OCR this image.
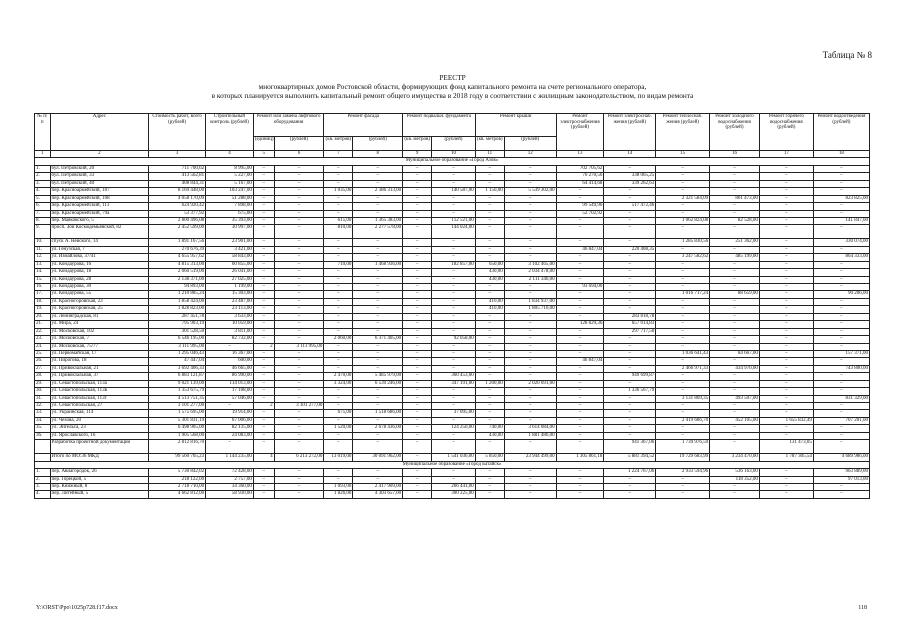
Таблица № 8
РЕЕСТР
многоквартирных домов Ростовской области, формирующих фонд капитального ремонта на счете регионального оператора,
в которых планируется выполнить капитальный ремонт общего имущества в 2018 году в соответствии с жилищным законодательством, по видам ремонта
№ п/п	Адрес	Стоимость работ, всего (рублей)	Строительный контроль (рублей)	Ремонт или замена лифтового оборудования		Ремонт фасада		Ремонт подвальн. фундамента		Ремонт крыши		Ремонт электроснабжения (рублей)	Ремонт электроснаб. жения (рублей)	Ремонт теплоснаб. жения (рублей)	Ремонт холодного водоснабжения (рублей)	Ремонт горячего водоснабжения (рублей)	Ремонт водоотведения (рублей)
				(единиц)	(рублей)	(кв. метров)	(рублей)	(кв. метров)	(рублей)	(кв. метров)	(рублей)						
1	2	3	4	5	6	7	8	9	10	11	12	13	14	15	16	17	18
Муниципальное образование «Город Азов»																	
1.	бул. Петровский, 20	711 700,62	8 995,00	–	–	–	–	–	–	–	–	702 705,62	–	–	–	–	–
2.	бул. Петровский, 33	413 562,81	5 227,00	–	–	–	–	–	–	–	–	70 270,56	338 065,25	–	–	–	–
3.	бул. Петровский, 40	408 844,31	5 167,00	–	–	–	–	–	–	–	–	64 414,68	339 262,63	–	–	–	–
4.	пер. Красноармейский, 107	8 169 448,00	103 247,00	–	–	1 035,00	2 386 313,00	–	140 587,00	1 150,00	5 539 302,00	–	–	–	–	–	–
5.	пер. Красноармейский, 108	4 058 170,09	51 288,00	–	–	–	–	–	–	–	–	–	–	2 321 584,09	861 473,00	–	823 825,00
6.	пер. Красноармейский, 113	624 920,42	7 898,00	–	–	–	–	–	–	–	–	99 549,96	517 472,46	–	–	–	–
7.	пер. Красноармейский, 79а	53 377,92	675,00	–	–	–	–	–	–	–	–	52 702,92	–	–	–	–	–
8.	пер. Маяковского, 5	2 800 496,08	35 393,00	–	–	615,00	1 365 383,00	–	112 521,00	–	–	–	–	1 062 824,08	82 528,00	–	141 847,00
9.	просп. Зои Космодемьянской, 82	2 452 599,00	30 997,00	–	–	810,00	2 277 578,00	–	144 024,00	–	–	–	–	–	–	–	–
10.	спуск А. Невского, 14	1 891 167,56	23 901,00	–	–	–	–	–	–	–	–	–	–	1 285 830,56	251 362,00	–	330 074,00
11.	ул. Генузская, 7	270 676,39	3 421,00	–	–	–	–	–	–	–	–	46 847,04	220 408,35	–	–	–	–
12.	ул. Измайлова, 37/41	4 655 957,62	58 843,00	–	–	–	–	–	–	–	–	–	–	3 247 582,62	485 199,00	–	864 333,00
13.	ул. Кондаурова, 16	4 815 313,00	60 855,00	–	–	710,00	1 468 936,00	–	182 857,00	650,00	3 102 465,00	–	–	–	–	–	–
14.	ул. Кондаурова, 18	2 060 519,00	26 041,00	–	–	–	–	–	–	430,00	2 034 478,00	–	–	–	–	–	–
15.	ул. Кондаурова, 28	2 138 371,00	27 025,00	–	–	–	–	–	–	430,00	2 111 346,00	–	–	–	–	–	–
16.	ул. Кондаурова, 30	94 893,00	1 199,00	–	–	–	–	–	–	–	–	93 694,00	–	–	–	–	–
17.	ул. Кондаурова, 55	1 210 885,24	15 303,00	–	–	–	–	–	–	–	–	–	–	1 016 717,24	88 659,00	–	90 206,00
18.	ул. Красногоровская, 23	1 858 424,00	23 487,00	–	–	–	–	–	–	410,00	1 834 937,00	–	–	–	–	–	–
19.	ул. Красногоровская, 25	1 828 823,00	23 113,00	–	–	–	–	–	–	410,00	1 805 710,00	–	–	–	–	–	–
20.	ул. Ленинградская, 81	287 451,78	3 633,00	–	–	–	–	–	–	–	–	–	283 818,78	–	–	–	–
21.	ул. Мира, 24	795 903,19	10 059,00	–	–	–	–	–	–	–	–	128 829,36	657 014,83	–	–	–	–
22.	ул. Московская, 102	301 528,50	3 811,00	–	–	–	–	–	–	–	–	–	297 717,50	–	–	–	–
23.	ул. Московская, 7	6 546 195,00	82 732,00	–	–	2 060,00	6 371 405,00	–	92 058,00	–	–	–	–	–	–	–	–
24.	ул. Московская, 75/77	3 111 995,00	–	2	3 111 995,00	–	–	–	–	–	–	–	–	–	–	–	–
25.	ул. Первомайская, 17	1 295 046,43	16 367,00	–	–	–	–	–	–	–	–	–	–	1 036 641,43	84 667,00	–	157 371,00
26.	ул. Пирогова, 18	47 447,04	600,00	–	–	–	–	–	–	–	–	46 847,04	–	–	–	–	–
27.	ул. Привокзальная, 21	3 692 406,33	46 665,00	–	–	–	–	–	–	–	–	–	–	2 466 971,33	434 970,00	–	743 800,00
28.	ул. Привокзальная, 37	6 883 121,87	86 990,00	–	–	2 470,00	5 485 979,00	–	360 453,00	–	–	–	949 699,87	–	–	–	–
29.	ул. Севастопольская, 113а	9 021 139,00	114 013,00	–	–	3 324,00	6 539 246,00	–	347 191,00	1 200,00	2 020 691,00	–	–	–	–	–	–
30.	ул. Севастопольская, 113в	1 353 675,79	17 108,00	–	–	–	–	–	–	–	–	–	1 336 567,79	–	–	–	–
31.	ул. Севастопольская, 113г	4 513 751,35	57 046,00	–	–	–	–	–	–	–	–	–	–	3 131 869,35	493 507,00	–	831 329,00
32.	ул. Севастопольская, 27	3 101 277,00	–	2	3 101 277,00	–	–	–	–	–	–	–	–	–	–	–	–
33.	ул. Украинская, 114	1 575 695,00	19 914,00	–	–	675,00	1 518 686,00	–	37 095,00	–	–	–	–	–	–	–	–
34.	ул. Чехова, 20	5 301 831,19	67 006,00	–	–	–	–	–	–	–	–	–	–	2 419 686,70	452 105,00	1 655 832,49	707 201,00
35.	ул. Энгельса, 23	6 498 905,00	82 135,00	–	–	1 520,00	2 678 436,00	–	124 250,00	740,00	3 614 084,00	–	–	–	–	–	–
36.	ул. Ярославского, 16	1 905 568,00	24 083,00	–	–	–	–	–	–	430,00	1 881 486,00	–	–	–	–	–	–
	Разработка проектной документации	2 812 816,70	–	–	–	–	–	–	–	–	–	–	941 367,06	1 739 976,59	–	131 473,05	–
	Итого по МО:36 МКД	99 560 705,23	1 144 235,00	4	6 213 272,00	13 019,00	30 091 962,00	–	1 541 036,00	5 850,00	23 944 499,00	1 305 861,18	5 881 394,52	19 729 683,99	3 234 470,00	1 787 305,54	4 689 986,00
Муниципальное образование «Город Батайск»																	
1.	пер. Авиагородок, 26	5 730 842,02	72 428,00	–	–	–	–	–	–	–	–	–	1 224 767,06	2 933 594,96	536 163,00	–	963 889,00
2.	пер. Горецкой, 5	218 122,00	2 757,00	–	–	–	–	–	–	–	–	–	–	–	118 352,00	–	97 013,00
3.	пер. Книжный, 8	2 718 710,00	34 360,00	–	–	1 093,00	2 417 909,00	–	266 441,00	–	–	–	–	–	–	–	–
4.	пер. Литейный, 5	4 662 812,00	58 930,00	–	–	1 826,00	4 303 657,00	–	300 225,00	–	–	–	–	–	–	–	–
Y:\ORST\Ppo\1025p728.f17.docx	118
